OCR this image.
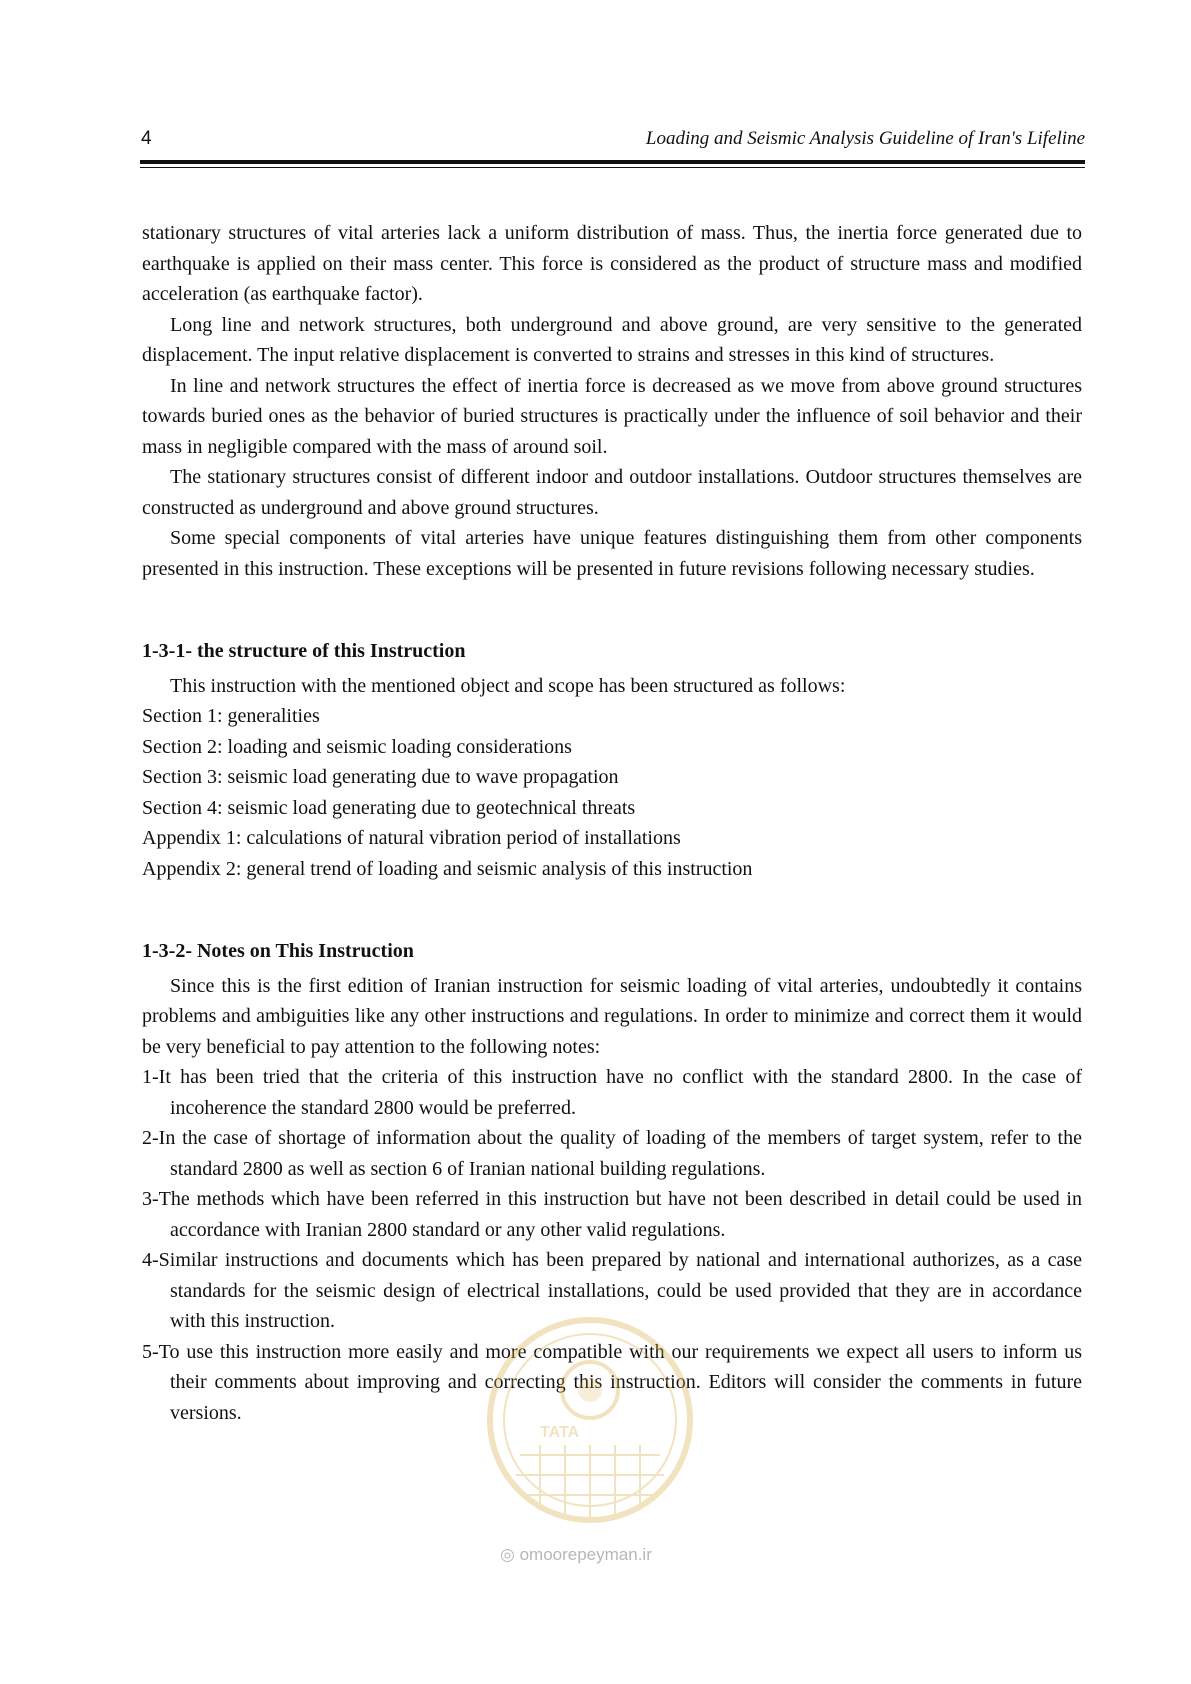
4	Loading and Seismic Analysis Guideline of Iran's Lifeline

stationary structures of vital arteries lack a uniform distribution of mass. Thus, the inertia force generated due to earthquake is applied on their mass center. This force is considered as the product of structure mass and modified acceleration (as earthquake factor).

Long line and network structures, both underground and above ground, are very sensitive to the generated displacement. The input relative displacement is converted to strains and stresses in this kind of structures.

In line and network structures the effect of inertia force is decreased as we move from above ground structures towards buried ones as the behavior of buried structures is practically under the influence of soil behavior and their mass in negligible compared with the mass of around soil.

The stationary structures consist of different indoor and outdoor installations. Outdoor structures themselves are constructed as underground and above ground structures.

Some special components of vital arteries have unique features distinguishing them from other components presented in this instruction. These exceptions will be presented in future revisions following necessary studies.

1-3-1- the structure of this Instruction

This instruction with the mentioned object and scope has been structured as follows:

Section 1: generalities

Section 2: loading and seismic loading considerations

Section 3: seismic load generating due to wave propagation

Section 4: seismic load generating due to geotechnical threats

Appendix 1: calculations of natural vibration period of installations

Appendix 2: general trend of loading and seismic analysis of this instruction

1-3-2- Notes on This Instruction

Since this is the first edition of Iranian instruction for seismic loading of vital arteries, undoubtedly it contains problems and ambiguities like any other instructions and regulations. In order to minimize and correct them it would be very beneficial to pay attention to the following notes:

1-It has been tried that the criteria of this instruction have no conflict with the standard 2800. In the case of incoherence the standard 2800 would be preferred.

2-In the case of shortage of information about the quality of loading of the members of target system, refer to the standard 2800 as well as section 6 of Iranian national building regulations.

3-The methods which have been referred in this instruction but have not been described in detail could be used in accordance with Iranian 2800 standard or any other valid regulations.

4-Similar instructions and documents which has been prepared by national and international authorizes, as a case standards for the seismic design of electrical installations, could be used provided that they are in accordance with this instruction.

5-To use this instruction more easily and more compatible with our requirements we expect all users to inform us their comments about improving and correcting this instruction. Editors will consider the comments in future versions.

TATA
◎ omoorepeyman.ir
